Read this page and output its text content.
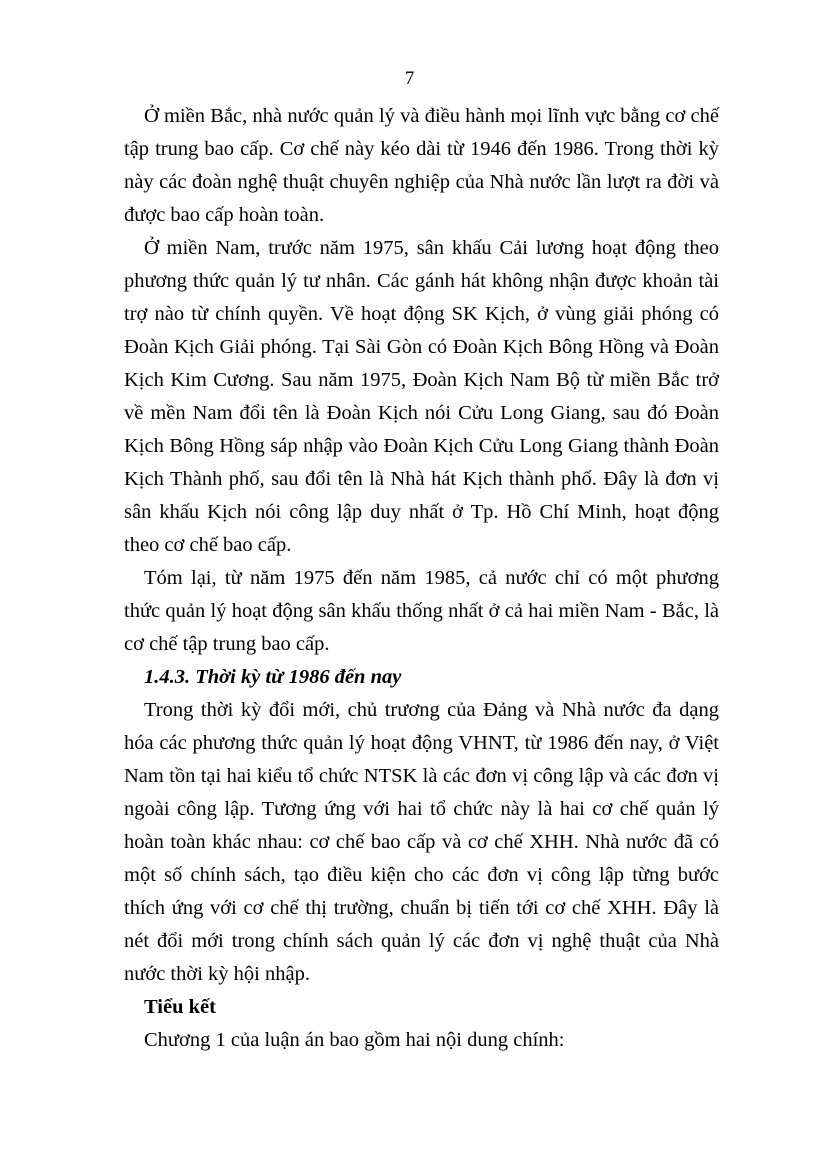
7

Ở miền Bắc, nhà nước quản lý và điều hành mọi lĩnh vực bằng cơ chế tập trung bao cấp. Cơ chế này kéo dài từ 1946 đến 1986. Trong thời kỳ này các đoàn nghệ thuật chuyên nghiệp của Nhà nước lần lượt ra đời và được bao cấp hoàn toàn.

Ở miền Nam, trước năm 1975, sân khấu Cải lương hoạt động theo phương thức quản lý tư nhân. Các gánh hát không nhận được khoản tài trợ nào từ chính quyền. Về hoạt động SK Kịch, ở vùng giải phóng có Đoàn Kịch Giải phóng. Tại Sài Gòn có Đoàn Kịch Bông Hồng và Đoàn Kịch Kim Cương. Sau năm 1975, Đoàn Kịch Nam Bộ từ miền Bắc trở về mền Nam đổi tên là Đoàn Kịch nói Cửu Long Giang, sau đó Đoàn Kịch Bông Hồng sáp nhập vào Đoàn Kịch Cửu Long Giang thành Đoàn Kịch Thành phố, sau đổi tên là Nhà hát Kịch thành phố. Đây là đơn vị sân khấu Kịch nói công lập duy nhất ở Tp. Hồ Chí Minh, hoạt động theo cơ chế bao cấp.

Tóm lại, từ năm 1975 đến năm 1985, cả nước chỉ có một phương thức quản lý hoạt động sân khấu thống nhất ở cả hai miền Nam - Bắc, là cơ chế tập trung bao cấp.

1.4.3. Thời kỳ từ 1986 đến nay

Trong thời kỳ đổi mới, chủ trương của Đảng và Nhà nước đa dạng hóa các phương thức quản lý hoạt động VHNT, từ 1986 đến nay, ở Việt Nam tồn tại hai kiểu tổ chức NTSK là các đơn vị công lập và các đơn vị ngoài công lập. Tương ứng với hai tổ chức này là hai cơ chế quản lý hoàn toàn khác nhau: cơ chế bao cấp và cơ chế XHH. Nhà nước đã có một số chính sách, tạo điều kiện cho các đơn vị công lập từng bước thích ứng với cơ chế thị trường, chuẩn bị tiến tới cơ chế XHH. Đây là nét đổi mới trong chính sách quản lý các đơn vị nghệ thuật của Nhà nước thời kỳ hội nhập.

Tiểu kết

Chương 1 của luận án bao gồm hai nội dung chính:
